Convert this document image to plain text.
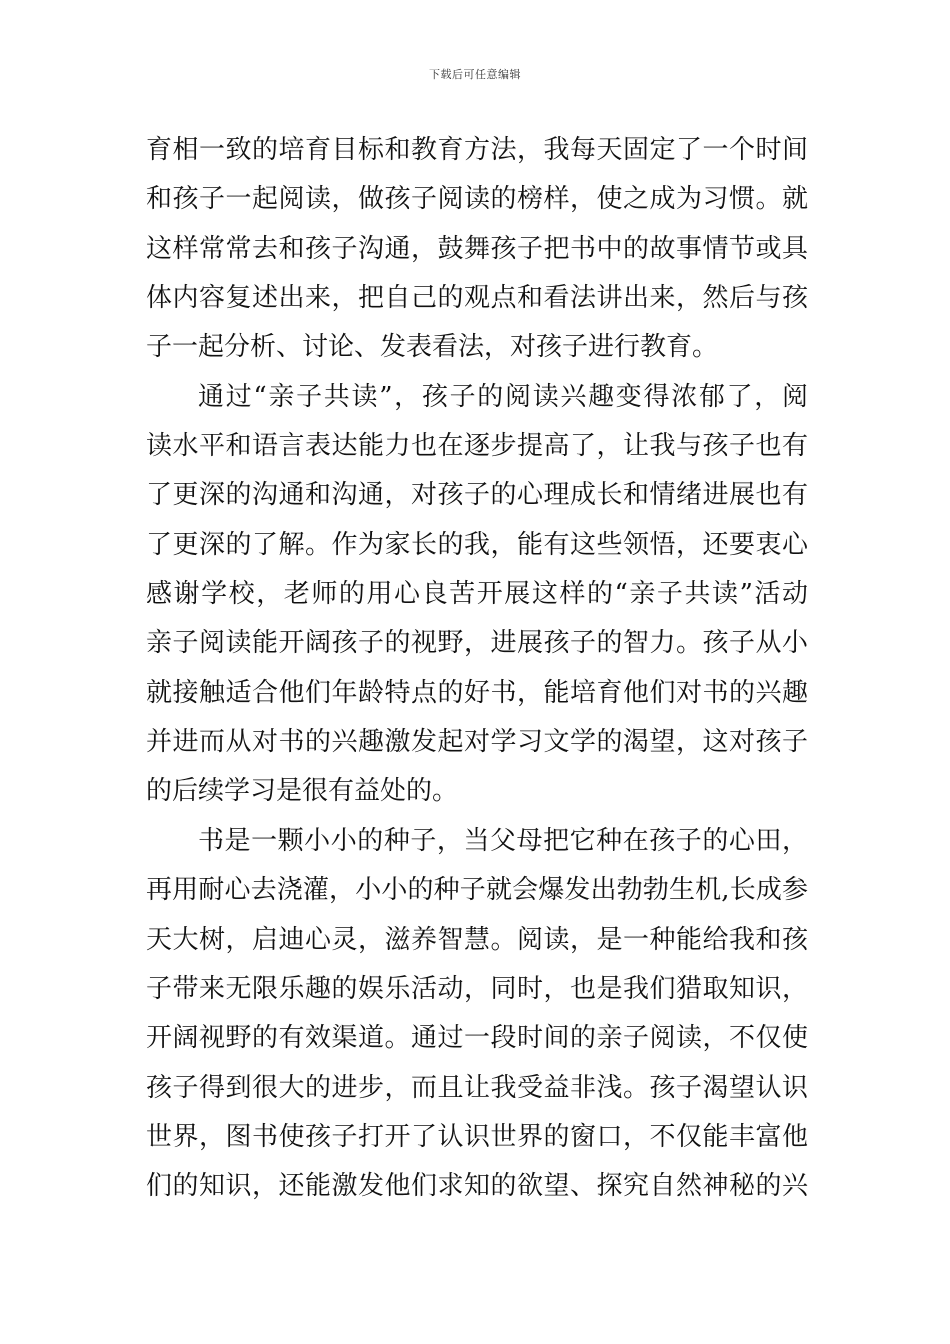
下载后可任意编辑
育相一致的培育目标和教育方法，我每天固定了一个时间
和孩子一起阅读，做孩子阅读的榜样，使之成为习惯。就
这样常常去和孩子沟通，鼓舞孩子把书中的故事情节或具
体内容复述出来，把自己的观点和看法讲出来，然后与孩
子一起分析、讨论、发表看法，对孩子进行教育。
通过“亲子共读”，孩子的阅读兴趣变得浓郁了，阅
读水平和语言表达能力也在逐步提高了，让我与孩子也有
了更深的沟通和沟通，对孩子的心理成长和情绪进展也有
了更深的了解。作为家长的我，能有这些领悟，还要衷心
感谢学校，老师的用心良苦开展这样的“亲子共读”活动
亲子阅读能开阔孩子的视野，进展孩子的智力。孩子从小
就接触适合他们年龄特点的好书，能培育他们对书的兴趣
并进而从对书的兴趣激发起对学习文学的渴望，这对孩子
的后续学习是很有益处的。
书是一颗小小的种子，当父母把它种在孩子的心田，
再用耐心去浇灌，小小的种子就会爆发出勃勃生机,长成参
天大树，启迪心灵，滋养智慧。阅读，是一种能给我和孩
子带来无限乐趣的娱乐活动，同时，也是我们猎取知识，
开阔视野的有效渠道。通过一段时间的亲子阅读，不仅使
孩子得到很大的进步，而且让我受益非浅。孩子渴望认识
世界，图书使孩子打开了认识世界的窗口，不仅能丰富他
们的知识，还能激发他们求知的欲望、探究自然神秘的兴
